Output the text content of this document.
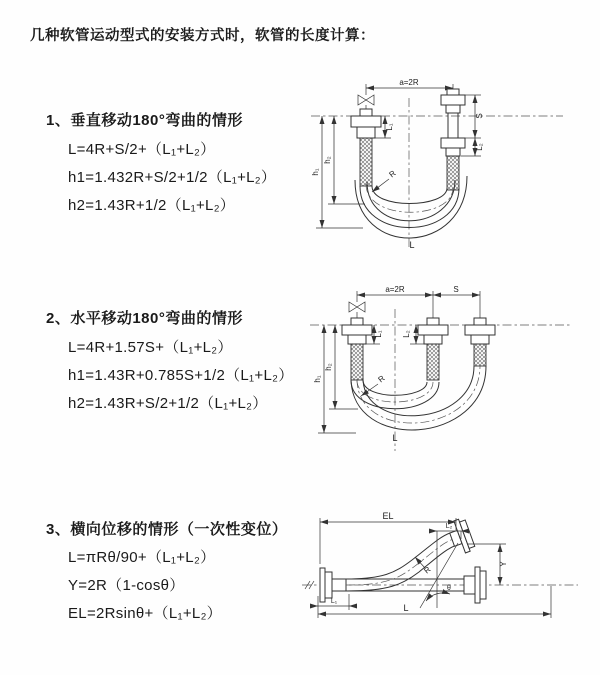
几种软管运动型式的安装方式时，软管的长度计算：
1、垂直移动180°弯曲的情形

L=4R+S/2+（L₁+L₂）

h1=1.432R+S/2+1/2（L₁+L₂）

h2=1.43R+1/2（L₁+L₂）

a=2R
S
L₂
L₁
h₁
h₂
R
L
2、水平移动180°弯曲的情形

L=4R+1.57S+（L₁+L₂）

h1=1.43R+0.785S+1/2（L₁+L₂）

h2=1.43R+S/2+1/2（L₁+L₂）

a=2R	S
L₁ L₂
h₁
h₂
R
L
3、横向位移的情形（一次性变位）

L=πRθ/90+（L₁+L₂）

Y=2R（1-cosθ）

EL=2Rsinθ+（L₁+L₂）

EL
L₂
Y
θ
R
L
L₁
